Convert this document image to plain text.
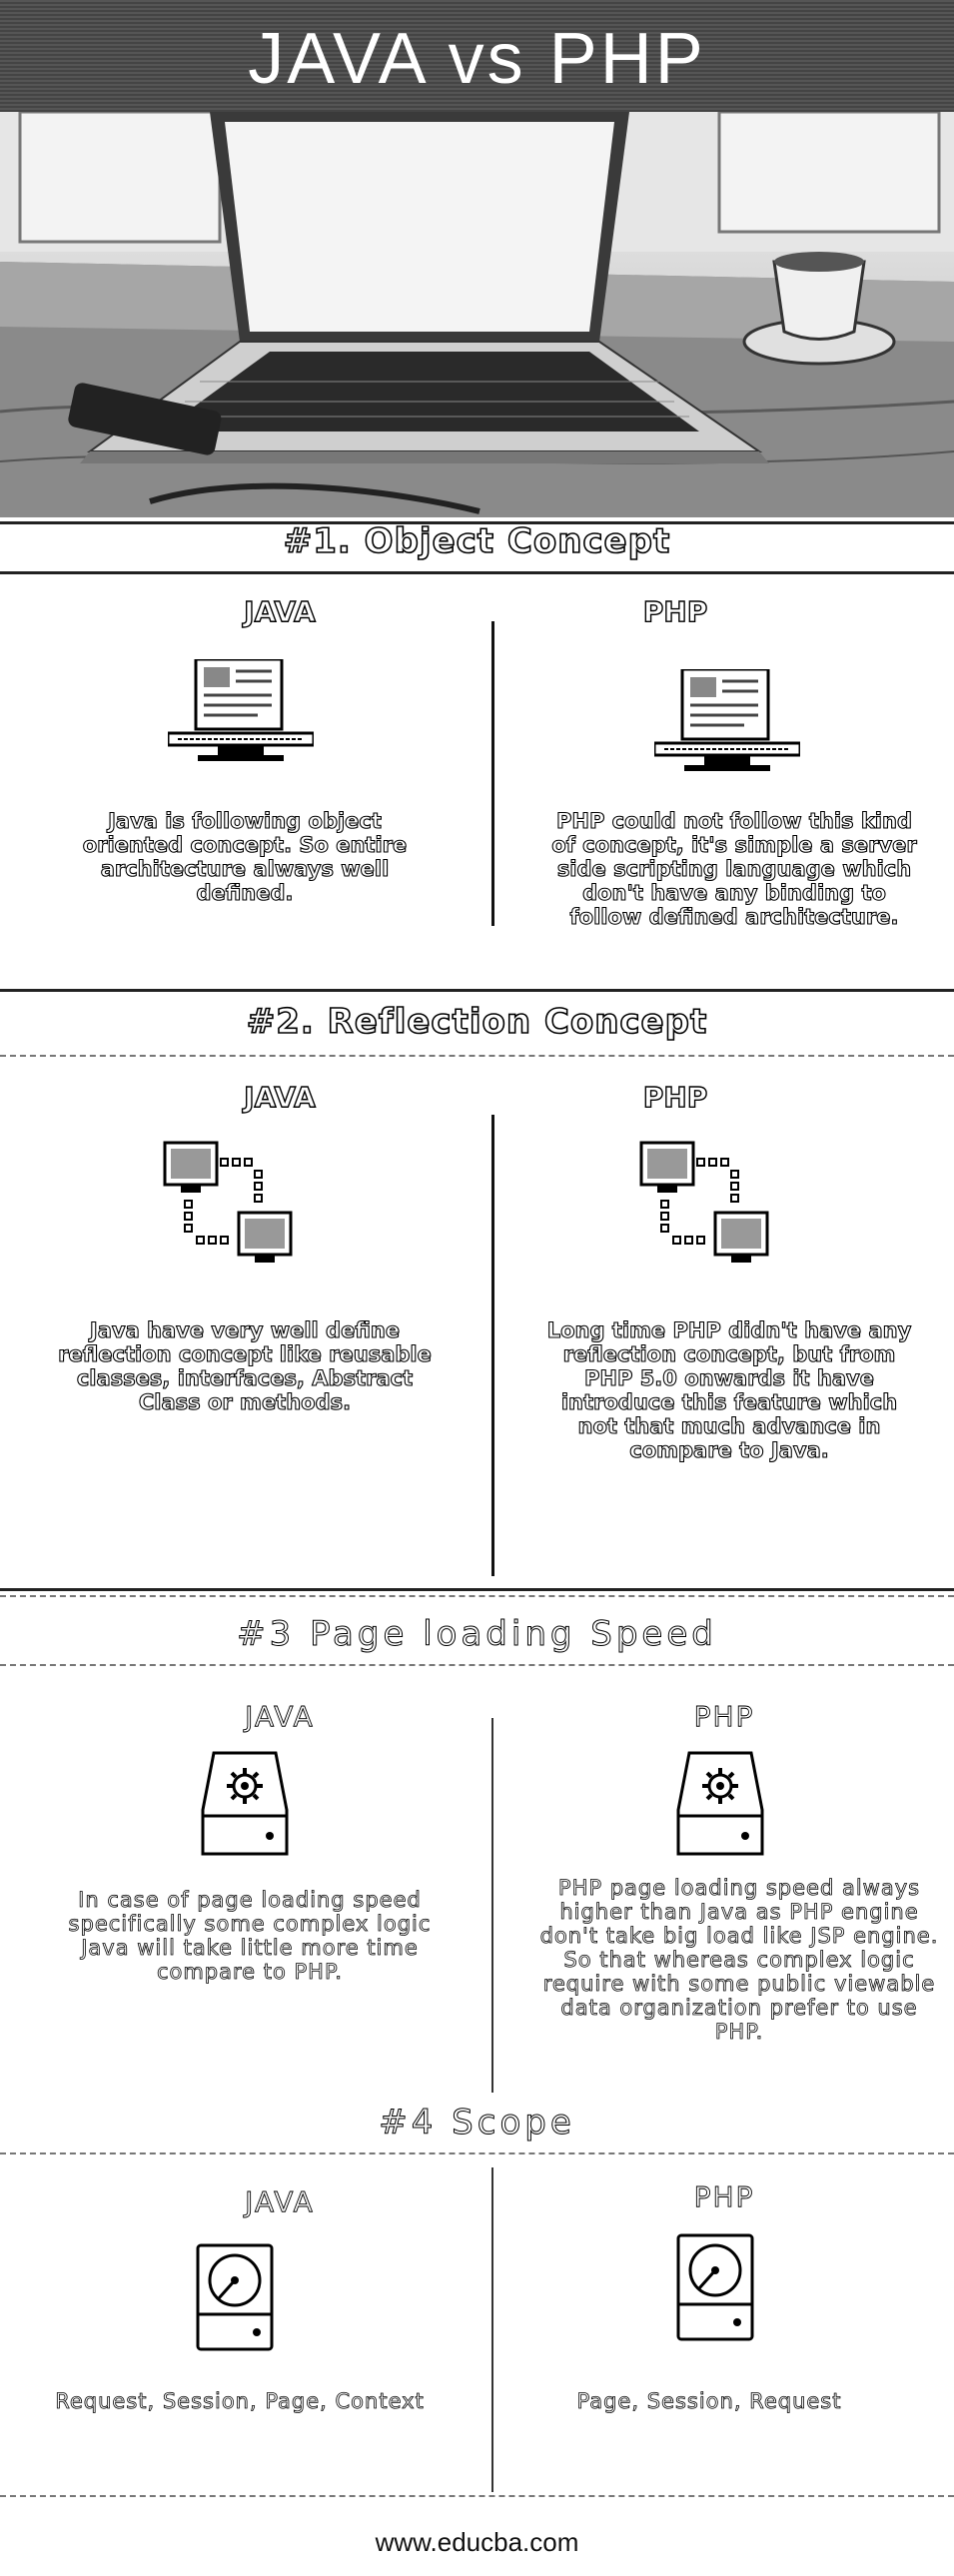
JAVA vs PHP
#1. Object Concept
JAVA	PHP
Java is following object oriented concept. So entire architecture always well defined.
PHP could not follow this kind of concept, it's simple a server side scripting language which don't have any binding to follow defined architecture.
#2. Reflection Concept
JAVA	PHP
Java have very well define reflection concept like reusable classes, interfaces, Abstract Class or methods.
Long time PHP didn't have any reflection concept, but from PHP 5.0 onwards it have introduce this feature which not that much advance in compare to Java.
#3 Page loading Speed
JAVA	PHP
In case of page loading speed specifically some complex logic Java will take little more time compare to PHP.
PHP page loading speed always higher than Java as PHP engine don't take big load like JSP engine. So that whereas complex logic require with some public viewable data organization prefer to use PHP.
#4 Scope
JAVA	PHP
Request, Session, Page, Context	Page, Session, Request
www.educba.com
